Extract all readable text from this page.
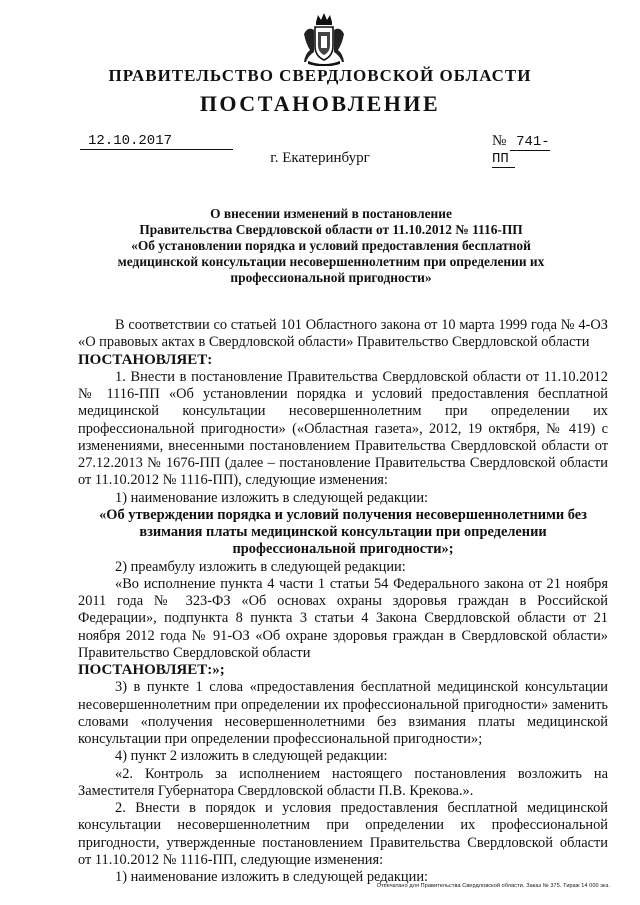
ПРАВИТЕЛЬСТВО СВЕРДЛОВСКОЙ ОБЛАСТИ
ПОСТАНОВЛЕНИЕ
12.10.2017	№ 741-ПП
г. Екатеринбург
О внесении изменений в постановление
Правительства Свердловской области от 11.10.2012 № 1116-ПП
«Об установлении порядка и условий предоставления бесплатной медицинской консультации несовершеннолетним при определении их профессиональной пригодности»

В соответствии со статьей 101 Областного закона от 10 марта 1999 года № 4-ОЗ «О правовых актах в Свердловской области» Правительство Свердловской области

ПОСТАНОВЛЯЕТ:

1. Внести в постановление Правительства Свердловской области от 11.10.2012 № 1116-ПП «Об установлении порядка и условий предоставления бесплатной медицинской консультации несовершеннолетним при определении их профессиональной пригодности» («Областная газета», 2012, 19 октября, № 419) с изменениями, внесенными постановлением Правительства Свердловской области от 27.12.2013 № 1676-ПП (далее – постановление Правительства Свердловской области от 11.10.2012 № 1116-ПП), следующие изменения:

1) наименование изложить в следующей редакции:

«Об утверждении порядка и условий получения несовершеннолетними без взимания платы медицинской консультации при определении профессиональной пригодности»;

2) преамбулу изложить в следующей редакции:

«Во исполнение пункта 4 части 1 статьи 54 Федерального закона от 21 ноября 2011 года № 323-ФЗ «Об основах охраны здоровья граждан в Российской Федерации», подпункта 8 пункта 3 статьи 4 Закона Свердловской области от 21 ноября 2012 года № 91-ОЗ «Об охране здоровья граждан в Свердловской области» Правительство Свердловской области

ПОСТАНОВЛЯЕТ:»;

3) в пункте 1 слова «предоставления бесплатной медицинской консультации несовершеннолетним при определении их профессиональной пригодности» заменить словами «получения несовершеннолетними без взимания платы медицинской консультации при определении профессиональной пригодности»;

4) пункт 2 изложить в следующей редакции:

«2. Контроль за исполнением настоящего постановления возложить на Заместителя Губернатора Свердловской области П.В. Крекова.».

2. Внести в порядок и условия предоставления бесплатной медицинской консультации несовершеннолетним при определении их профессиональной пригодности, утвержденные постановлением Правительства Свердловской области от 11.10.2012 № 1116-ПП, следующие изменения:

1) наименование изложить в следующей редакции:

Отпечатано для Правительства Свердловской области. Заказ № 375. Тираж 14 000 экз.
